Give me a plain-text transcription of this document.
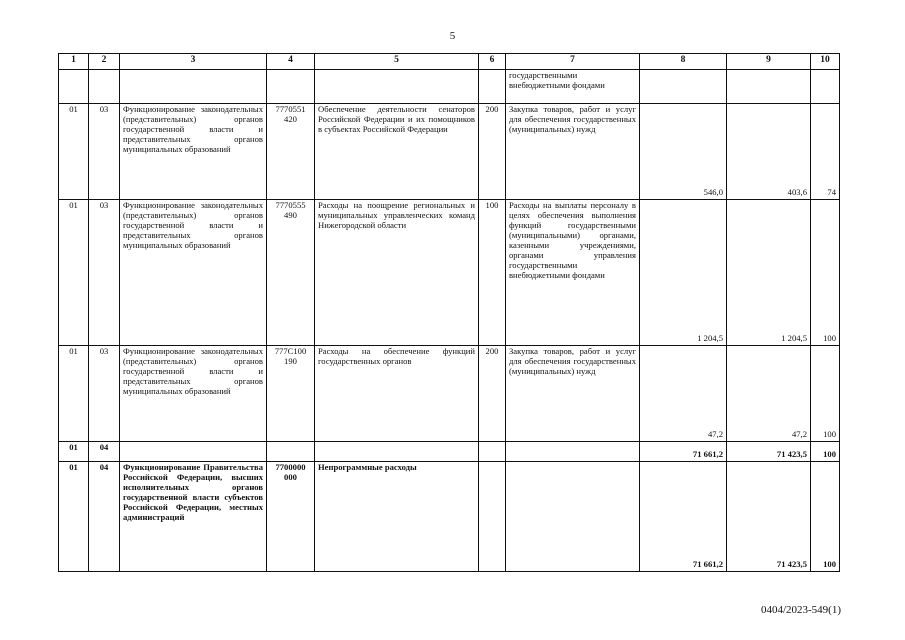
5
1	2	3	4	5	6	7	8	9	10
						государственными внебюджетными фондами			
01	03	Функционирование законодательных (представительных) органов государственной власти и представительных органов муниципальных образований	7770551 420	Обеспечение деятельности сенаторов Российской Федерации и их помощников в субъектах Российской Федерации	200	Закупка товаров, работ и услуг для обеспечения государственных (муниципальных) нужд	546,0	403,6	74
01	03	Функционирование законодательных (представительных) органов государственной власти и представительных органов муниципальных образований	7770555 490	Расходы на поощрение региональных и муниципальных управленческих команд Нижегородской области	100	Расходы на выплаты персоналу в целях обеспечения выполнения функций государственными (муниципальными) органами, казенными учреждениями, органами управления государственными внебюджетными фондами	1 204,5	1 204,5	100
01	03	Функционирование законодательных (представительных) органов государственной власти и представительных органов муниципальных образований	777С100 190	Расходы на обеспечение функций государственных органов	200	Закупка товаров, работ и услуг для обеспечения государственных (муниципальных) нужд	47,2	47,2	100
01	04						71 661,2	71 423,5	100
01	04	Функционирование Правительства Российской Федерации, высших исполнительных органов государственной власти субъектов Российской Федерации, местных администраций	7700000 000	Непрограммные расходы			71 661,2	71 423,5	100
0404/2023-549(1)
